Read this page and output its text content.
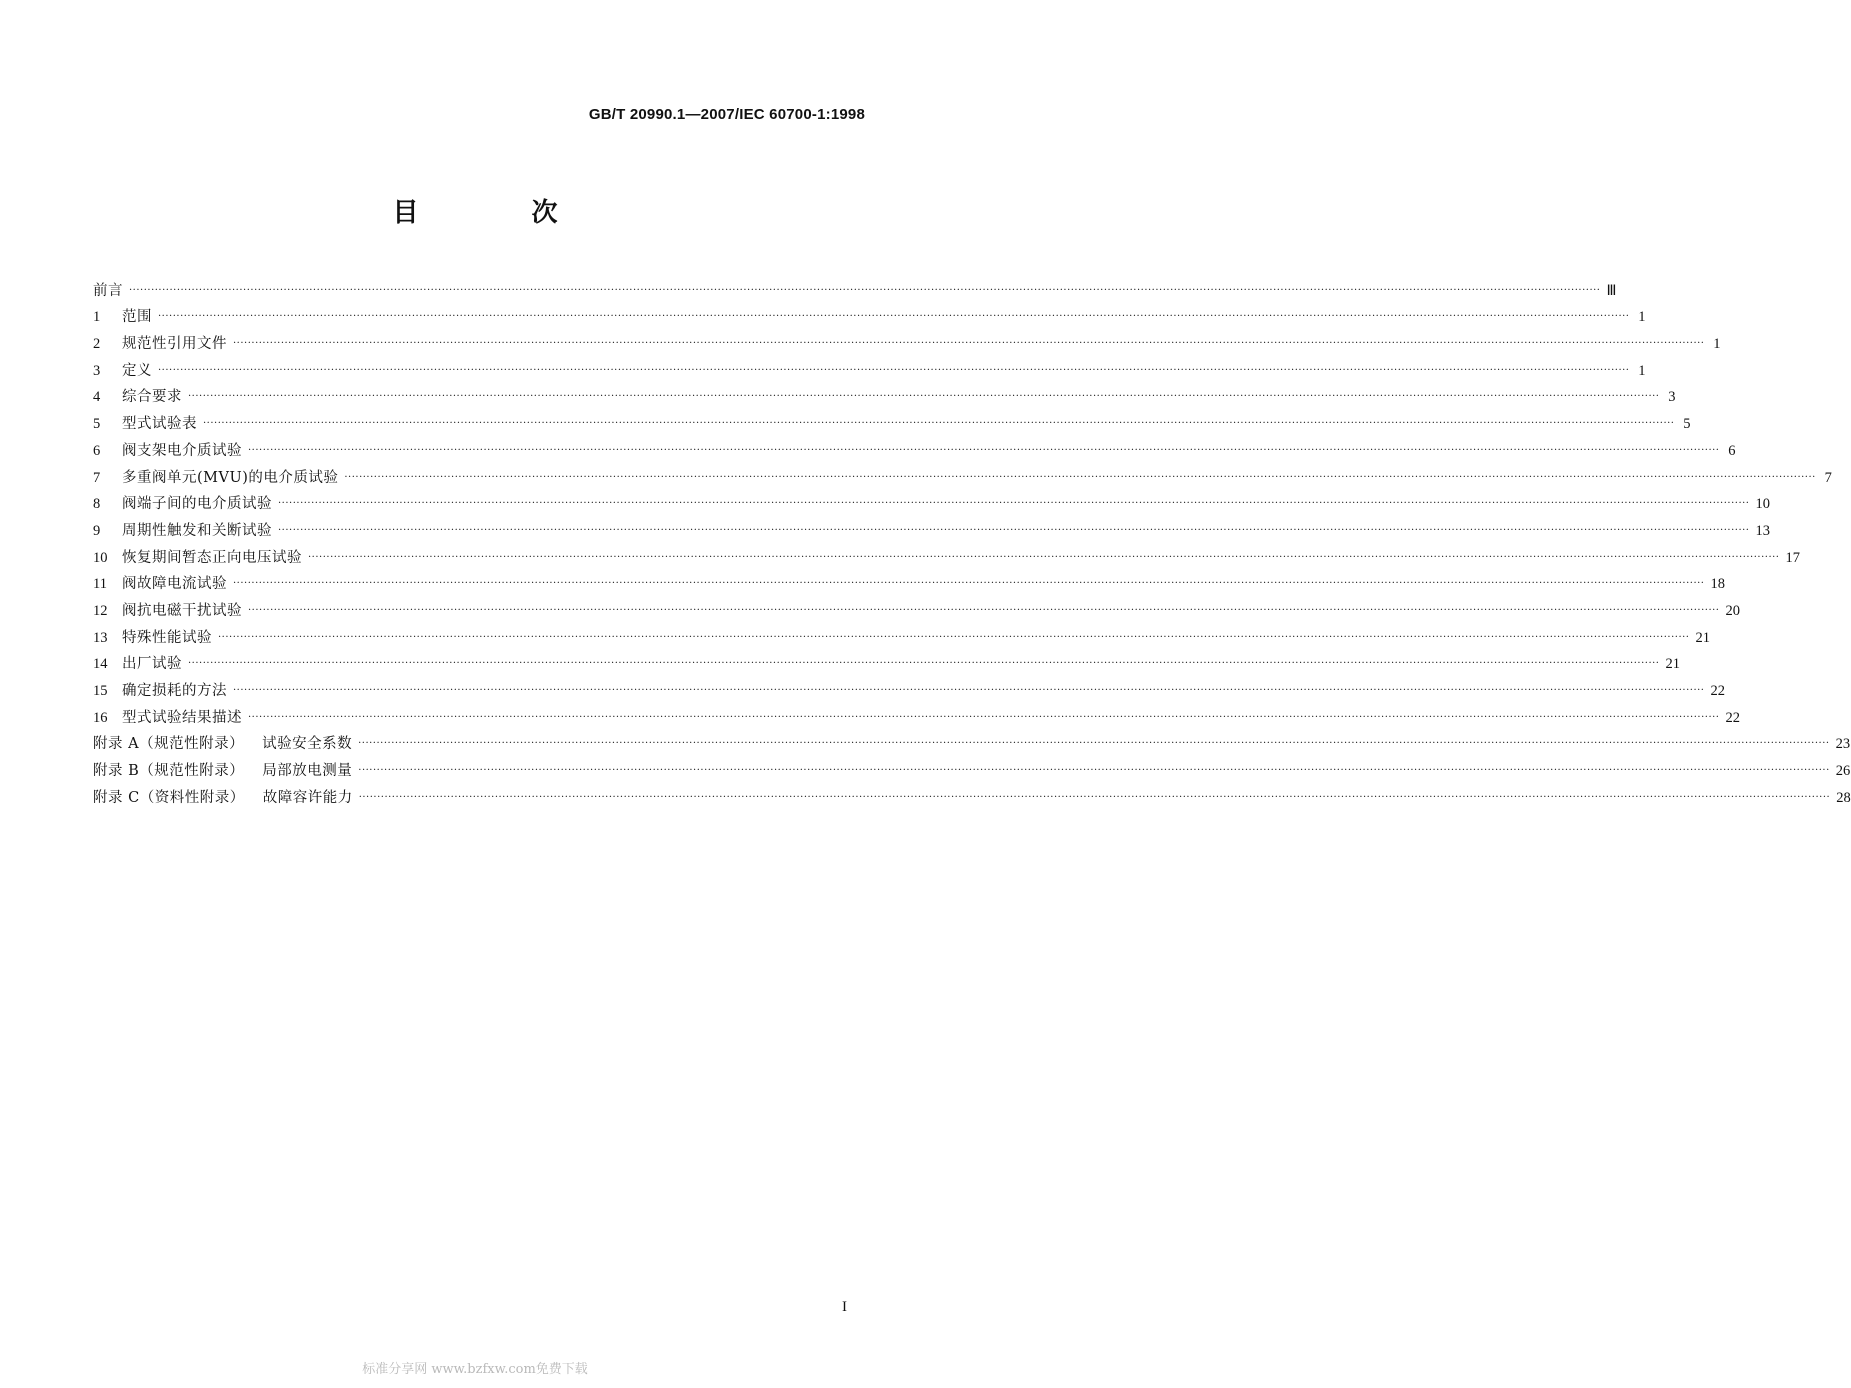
GB/T 20990.1—2007/IEC 60700-1:1998
目 次
前言 ················································································································································································································································································································································································································ Ⅲ
1	范围 ················································································································································································································································································································································································································ 1
2	规范性引用文件 ················································································································································································································································································································································································································ 1
3	定义 ················································································································································································································································································································································································································ 1
4	综合要求 ················································································································································································································································································································································································································ 3
5	型式试验表 ················································································································································································································································································································································································································ 5
6	阀支架电介质试验 ················································································································································································································································································································································································································ 6
7	多重阀单元(MVU)的电介质试验 ················································································································································································································································································································································································································ 7
8	阀端子间的电介质试验 ················································································································································································································································································································································································································ 10
9	周期性触发和关断试验 ················································································································································································································································································································································································································ 13
10	恢复期间暂态正向电压试验 ················································································································································································································································································································································································································ 17
11	阀故障电流试验 ················································································································································································································································································································································································································ 18
12	阀抗电磁干扰试验 ················································································································································································································································································································································································································ 20
13	特殊性能试验 ················································································································································································································································································································································································································ 21
14	出厂试验 ················································································································································································································································································································································································································ 21
15	确定损耗的方法 ················································································································································································································································································································································································································ 22
16	型式试验结果描述 ················································································································································································································································································································································································································ 22
附录 A（规范性附录） 试验安全系数 ················································································································································································································································································································································································································ 23
附录 B（规范性附录） 局部放电测量 ················································································································································································································································································································································································································ 26
附录 C（资料性附录） 故障容许能力 ················································································································································································································································································································································································································ 28
I
标准分享网 www.bzfxw.com免费下载
